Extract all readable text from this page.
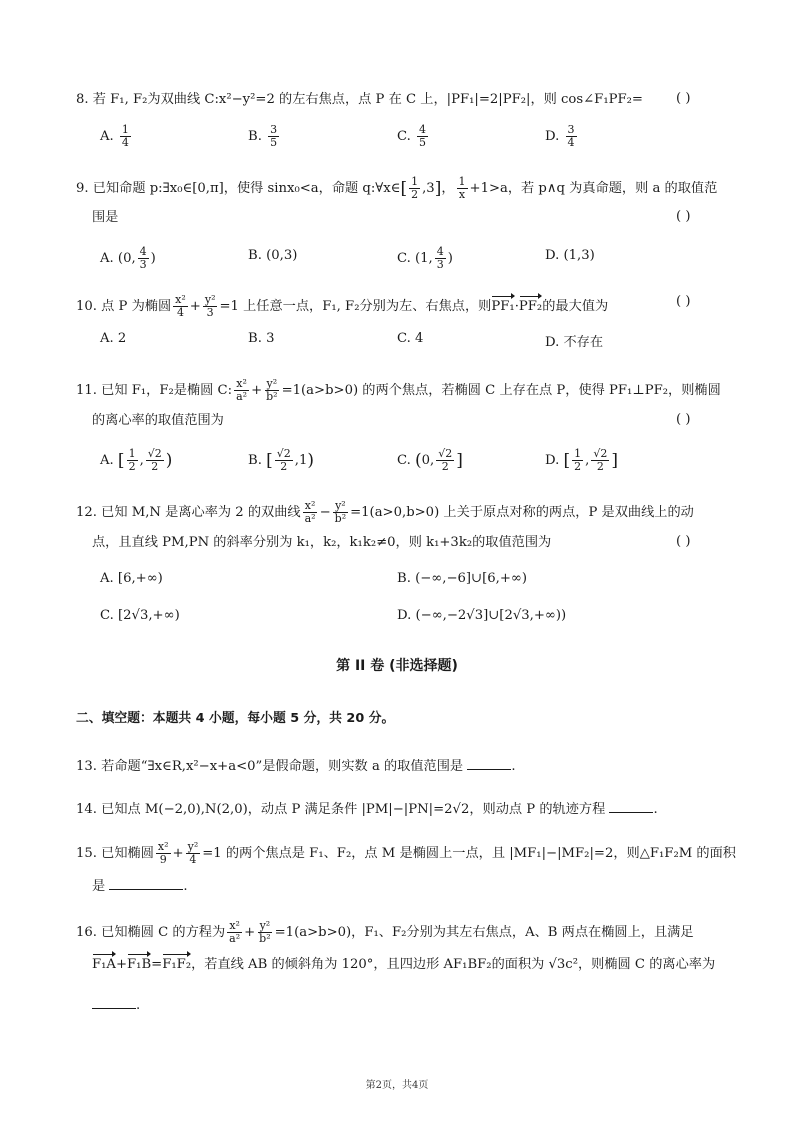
8. 若 F₁, F₂为双曲线 C:x²−y²=2 的左右焦点，点 P 在 C 上，|PF₁|=2|PF₂|，则 cos∠F₁PF₂=	( )
A. $\frac{1}{4}$	B. $\frac{3}{5}$	C. $\frac{4}{5}$	D. $\frac{3}{4}$
9. 已知命题 p:∃x₀∈[0,π]，使得 sinx₀<a，命题 q:∀x∈[ $\frac{1}{2} ,3$]， $\frac{1}{x} +1>a$，若 p∧q 为真命题，则 a 的取值范
围是	( )
A. (0, $\frac{4}{3}$ )	B. (0,3)	C. (1, $\frac{4}{3}$ )	D. (1,3)
10. 点 P 为椭圆 $\frac{\text{x²}}{4} + \frac{\text{y²}}{3} =1$ 上任意一点，F₁, F₂分别为左、右焦点，则PF₁·PF₂的最大值为	( )
A. 2	B. 3	C. 4	D. 不存在
11. 已知 F₁，F₂是椭圆 C: $\frac{\text{x²}}{\text{a²}} + \frac{\text{y²}}{\text{b²}} =1(a>b>0)$ 的两个焦点，若椭圆 C 上存在点 P，使得 PF₁⊥PF₂，则椭圆
的离心率的取值范围为	( )
A. [ $\frac{1}{2}$ , $\frac{√2}{2}$ )	B. [ $\frac{√2}{2} ,1$)	C. (0, $\frac{√2}{2}$ ]	D. [ $\frac{1}{2}$ , $\frac{√2}{2}$ ]
12. 已知 M,N 是离心率为 2 的双曲线 $\frac{\text{x²}}{\text{a²}} - \frac{\text{y²}}{\text{b²}} =1(a>0,b>0)$ 上关于原点对称的两点，P 是双曲线上的动
点，且直线 PM,PN 的斜率分别为 k₁，k₂，k₁k₂≠0，则 k₁+3k₂的取值范围为	( )
A. [6,+∞)	B. (−∞,−6]∪[6,+∞)
C. [2√3,+∞)	D. (−∞,−2√3]∪[2√3,+∞))
第 II 卷 (非选择题)
二、填空题：本题共 4 小题，每小题 5 分，共 20 分。
13. 若命题“∃x∈R,x²−x+a<0”是假命题，则实数 a 的取值范围是	.
14. 已知点 M(−2,0),N(2,0)，动点 P 满足条件 |PM|−|PN|=2√2，则动点 P 的轨迹方程	.
15. 已知椭圆 $\frac{\text{x²}}{9} + \frac{\text{y²}}{4} =1$ 的两个焦点是 F₁、F₂，点 M 是椭圆上一点，且 |MF₁|−|MF₂|=2，则△F₁F₂M 的面积
是	.
16. 已知椭圆 C 的方程为 $\frac{\text{x²}}{\text{a²}} + \frac{\text{y²}}{\text{b²}} =1(a>b>0)$，F₁、F₂分别为其左右焦点，A、B 两点在椭圆上，且满足
F₁A+F₁B=F₁F₂，若直线 AB 的倾斜角为 120°，且四边形 AF₁BF₂的面积为 √3c²，则椭圆 C 的离心率为
.
第2页，共4页
